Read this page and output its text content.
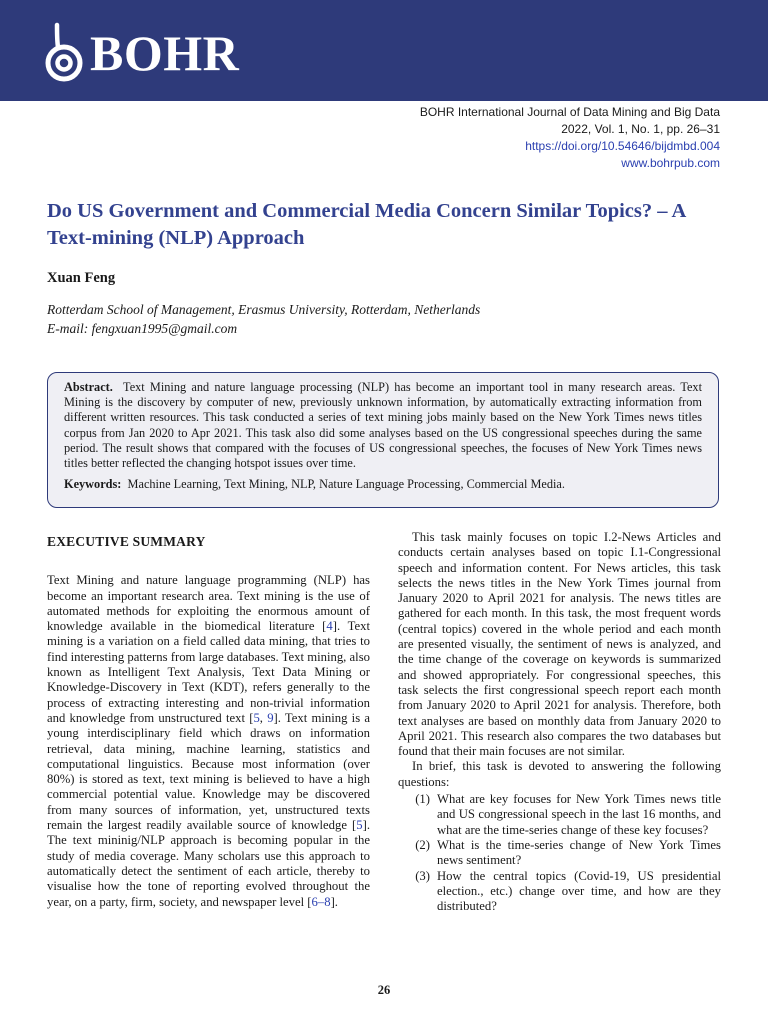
BOHR
BOHR International Journal of Data Mining and Big Data
2022, Vol. 1, No. 1, pp. 26–31
https://doi.org/10.54646/bijdmbd.004
www.bohrpub.com
Do US Government and Commercial Media Concern Similar Topics? – A Text-mining (NLP) Approach

Xuan Feng

Rotterdam School of Management, Erasmus University, Rotterdam, Netherlands
E-mail: fengxuan1995@gmail.com

Abstract. Text Mining and nature language processing (NLP) has become an important tool in many research areas. Text Mining is the discovery by computer of new, previously unknown information, by automatically extracting information from different written resources. This task conducted a series of text mining jobs mainly based on the New York Times news titles corpus from Jan 2020 to Apr 2021. This task also did some analyses based on the US congressional speeches during the same period. The result shows that compared with the focuses of US congressional speeches, the focuses of New York Times news titles better reflected the changing hotspot issues over time.

Keywords: Machine Learning, Text Mining, NLP, Nature Language Processing, Commercial Media.

EXECUTIVE SUMMARY

Text Mining and nature language programming (NLP) has become an important research area. Text mining is the use of automated methods for exploiting the enormous amount of knowledge available in the biomedical literature [4]. Text mining is a variation on a field called data mining, that tries to find interesting patterns from large databases. Text mining, also known as Intelligent Text Analysis, Text Data Mining or Knowledge-Discovery in Text (KDT), refers generally to the process of extracting interesting and non-trivial information and knowledge from unstructured text [5, 9]. Text mining is a young interdisciplinary field which draws on information retrieval, data mining, machine learning, statistics and computational linguistics. Because most information (over 80%) is stored as text, text mining is believed to have a high commercial potential value. Knowledge may be discovered from many sources of information, yet, unstructured texts remain the largest readily available source of knowledge [5]. The text mininig/NLP approach is becoming popular in the study of media coverage. Many scholars use this approach to automatically detect the sentiment of each article, thereby to visualise how the tone of reporting evolved throughout the year, on a party, firm, society, and newspaper level [6–8].

This task mainly focuses on topic I.2-News Articles and conducts certain analyses based on topic I.1-Congressional speech and information content. For News articles, this task selects the news titles in the New York Times journal from January 2020 to April 2021 for analysis. The news titles are gathered for each month. In this task, the most frequent words (central topics) covered in the whole period and each month are presented visually, the sentiment of news is analyzed, and the time change of the coverage on keywords is summarized and showed appropriately. For congressional speeches, this task selects the first congressional speech report each month from January 2020 to April 2021 for analysis. Therefore, both text analyses are based on monthly data from January 2020 to April 2021. This research also compares the two databases but found that their main focuses are not similar.

In brief, this task is devoted to answering the following questions:

(1) What are key focuses for New York Times news title and US congressional speech in the last 16 months, and what are the time-series change of these key focuses?
(2) What is the time-series change of New York Times news sentiment?
(3) How the central topics (Covid-19, US presidential election., etc.) change over time, and how are they distributed?
26
